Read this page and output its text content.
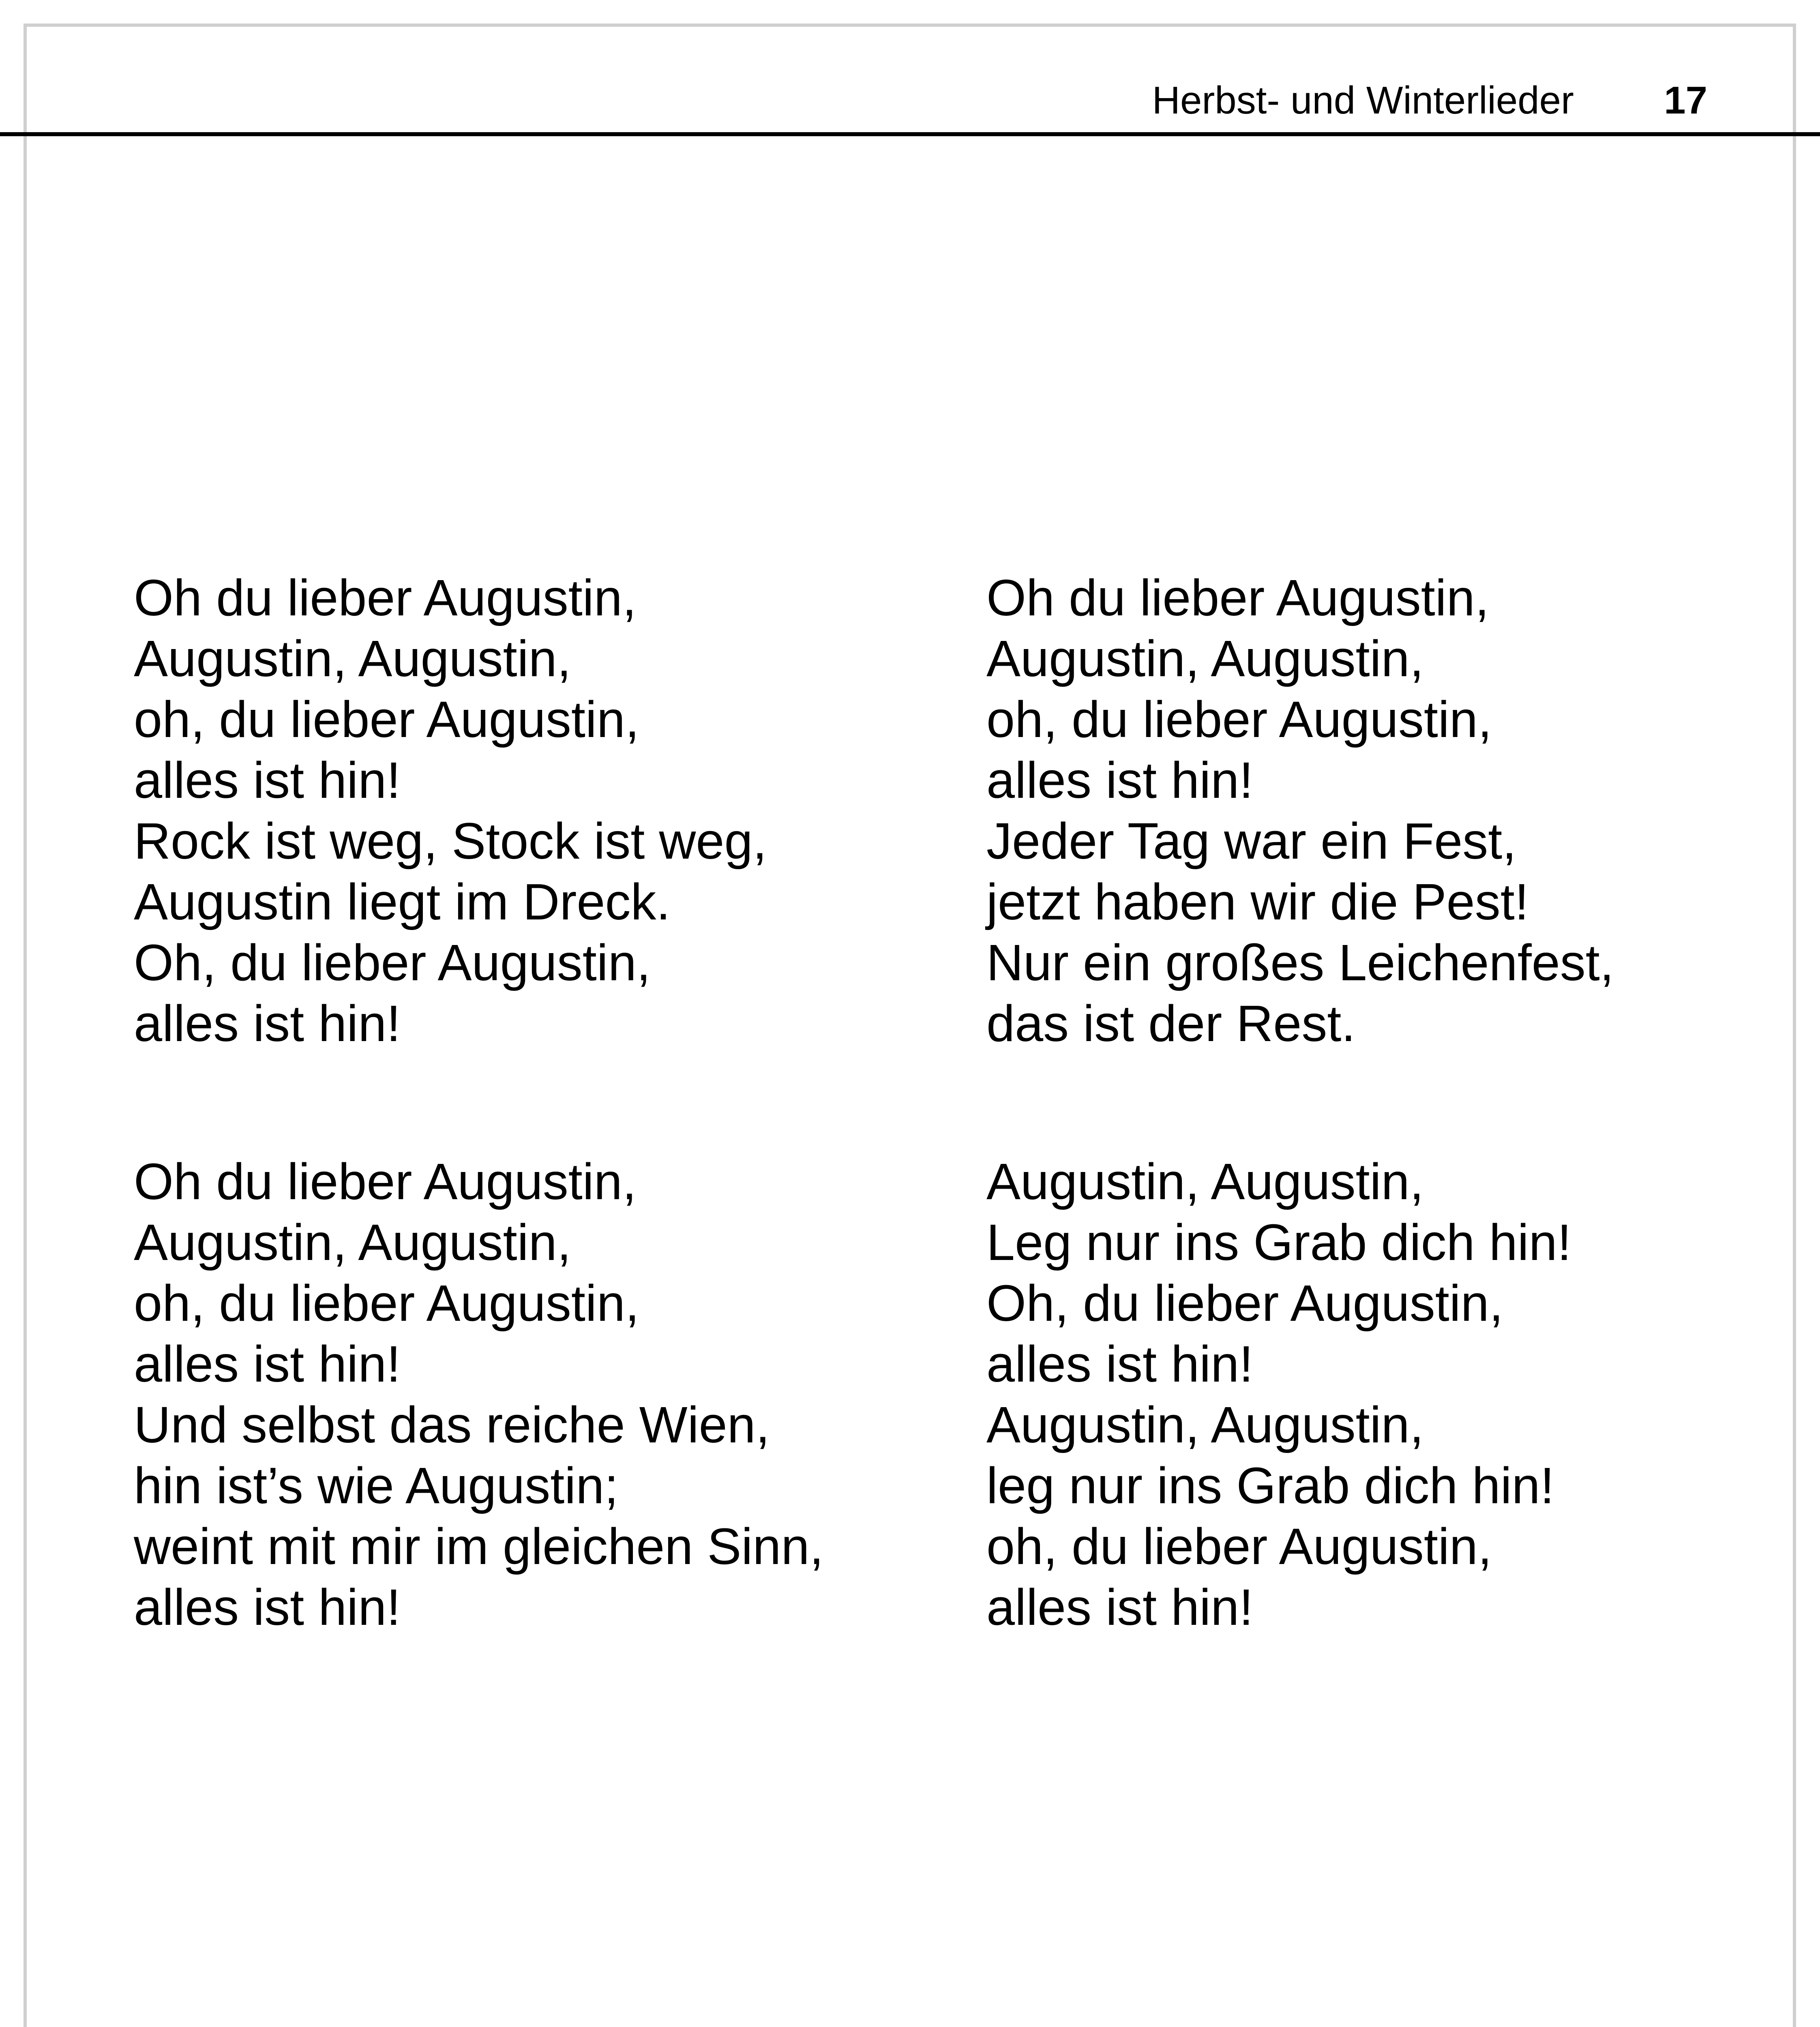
Herbst- und Winterlieder 17
Oh du lieber Augustin,
Augustin, Augustin,
oh, du lieber Augustin,
alles ist hin!
Rock ist weg, Stock ist weg,
Augustin liegt im Dreck.
Oh, du lieber Augustin,
alles ist hin!
Oh du lieber Augustin,
Augustin, Augustin,
oh, du lieber Augustin,
alles ist hin!
Und selbst das reiche Wien,
hin ist’s wie Augustin;
weint mit mir im gleichen Sinn,
alles ist hin!
Oh du lieber Augustin,
Augustin, Augustin,
oh, du lieber Augustin,
alles ist hin!
Jeder Tag war ein Fest,
jetzt haben wir die Pest!
Nur ein großes Leichenfest,
das ist der Rest.
Augustin, Augustin,
Leg nur ins Grab dich hin!
Oh, du lieber Augustin,
alles ist hin!
Augustin, Augustin,
leg nur ins Grab dich hin!
oh, du lieber Augustin,
alles ist hin!
